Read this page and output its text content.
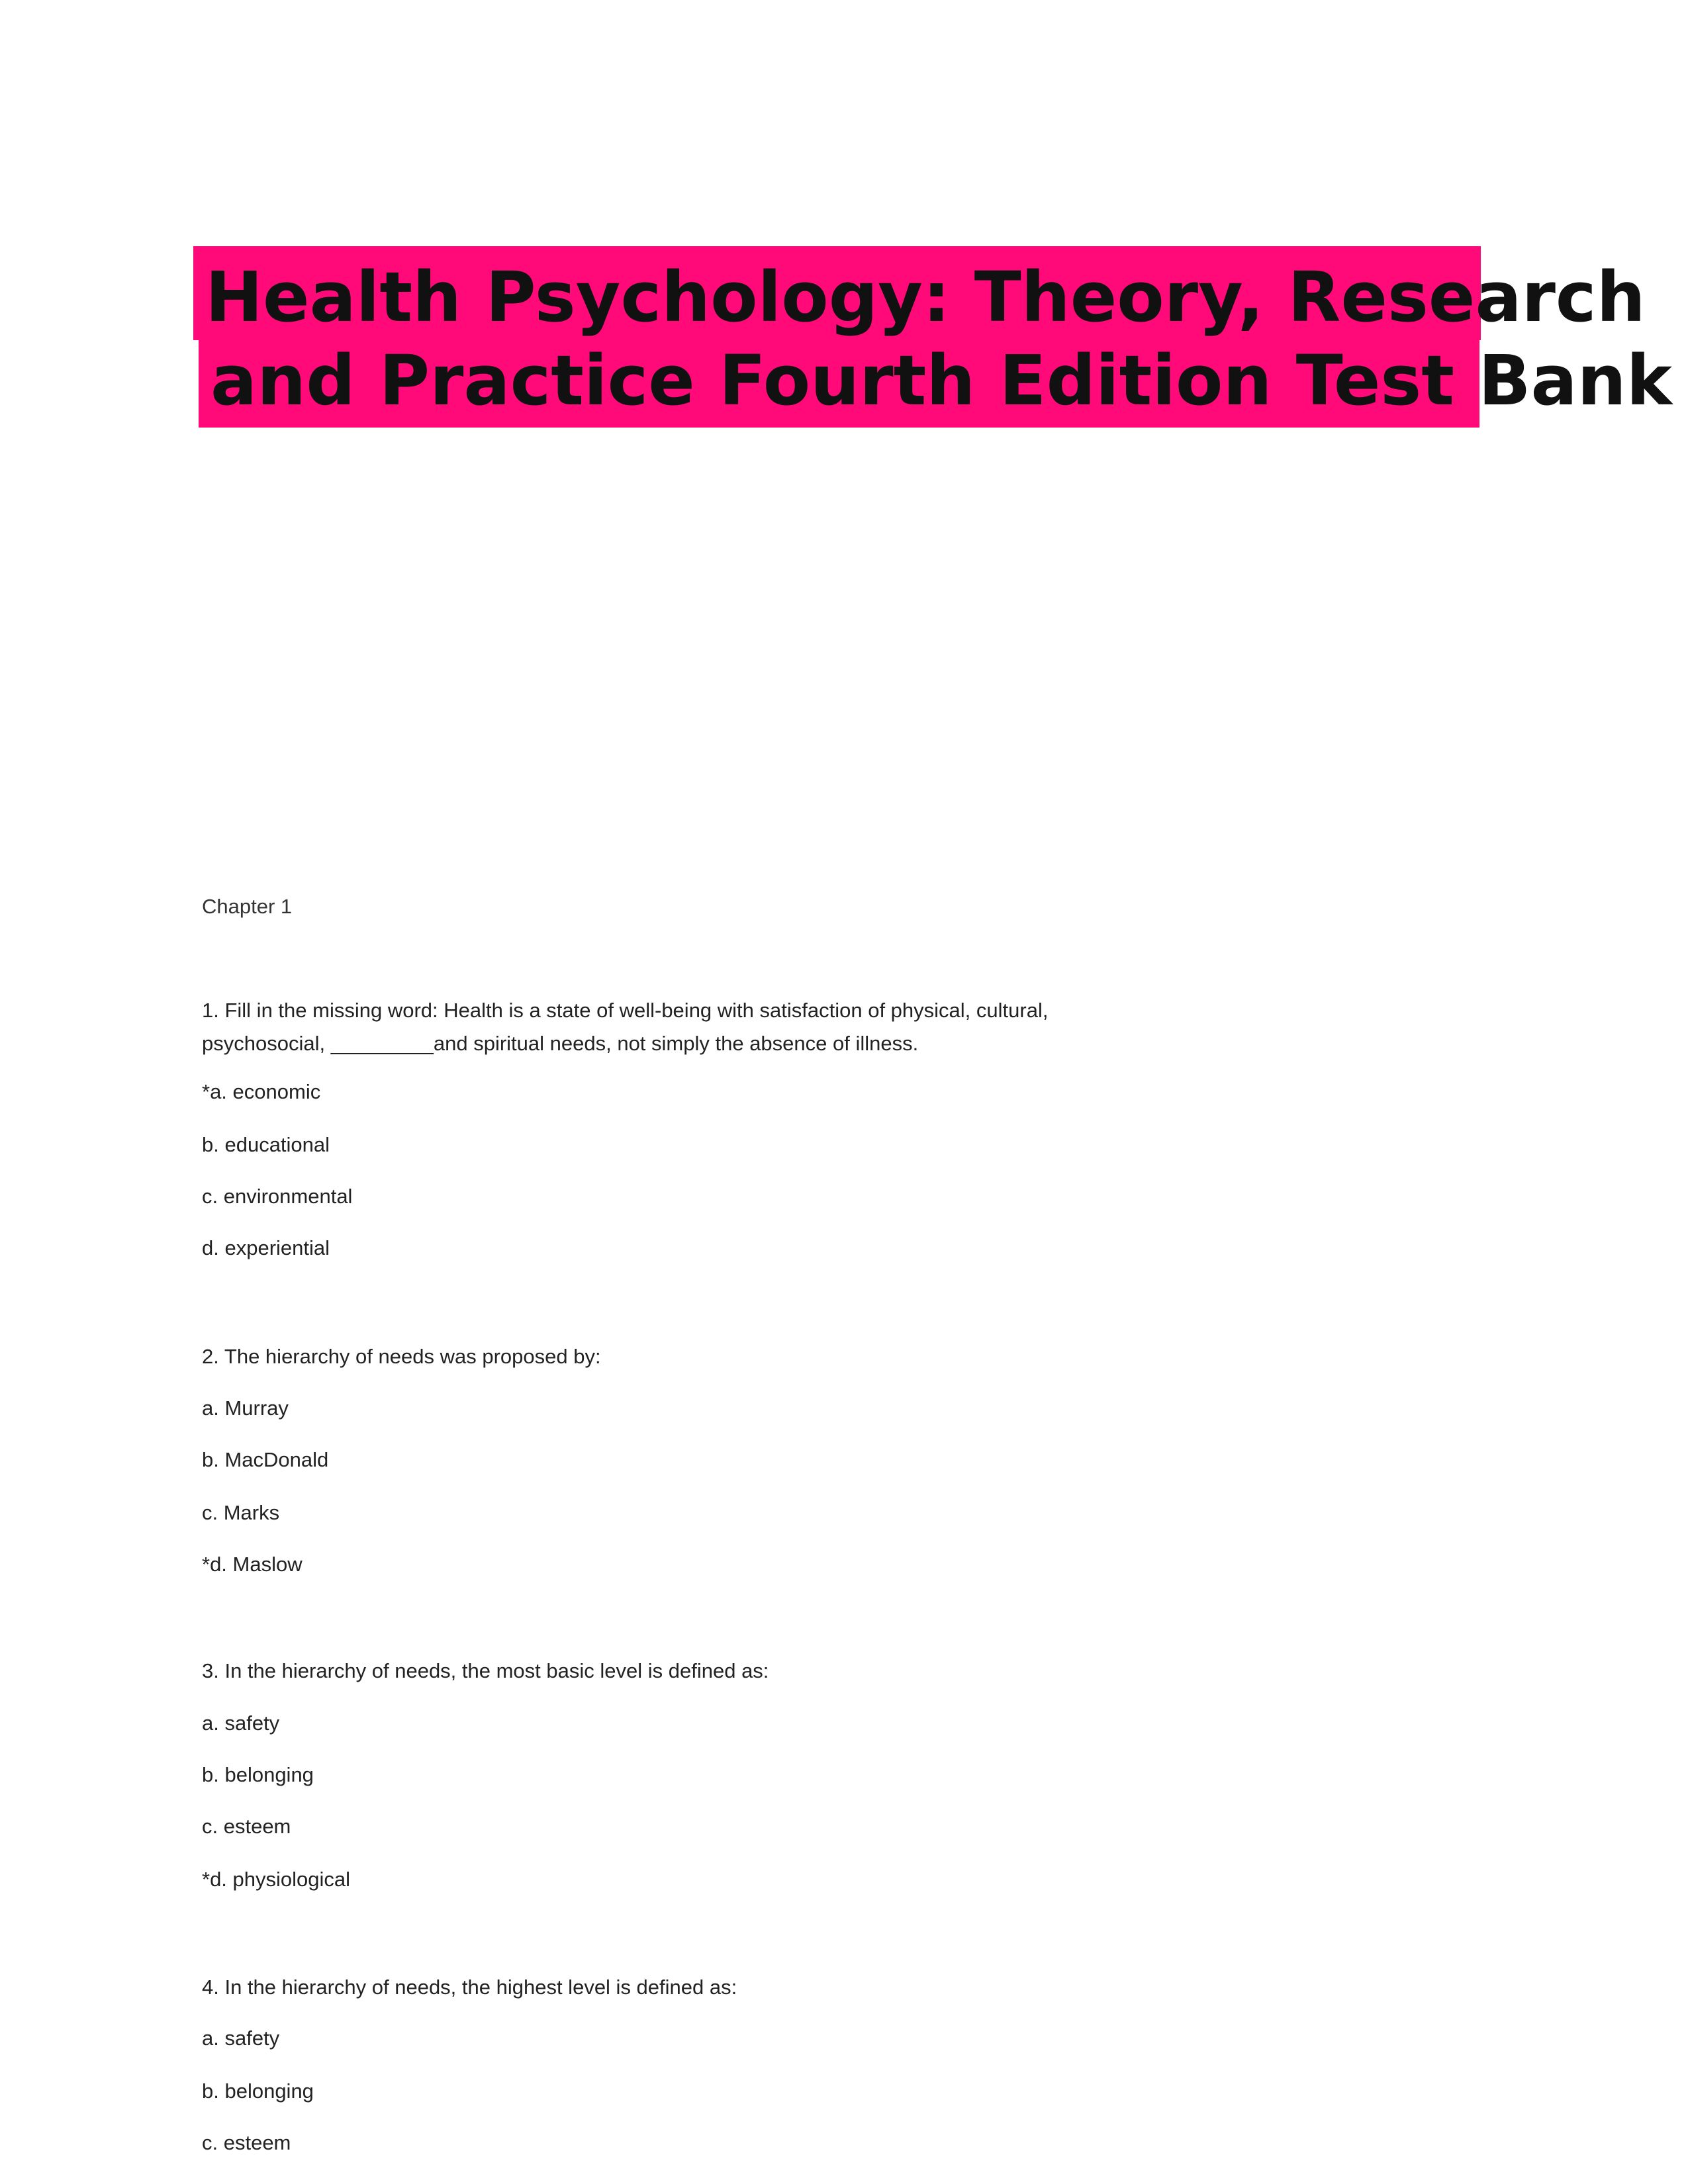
Health Psychology: Theory, Research
and Practice Fourth Edition Test Bank
Chapter 1
1. Fill in the missing word: Health is a state of well-being with satisfaction of physical, cultural,
psychosocial, _________and spiritual needs, not simply the absence of illness.
*a. economic
b. educational
c. environmental
d. experiential
2. The hierarchy of needs was proposed by:
a. Murray
b. MacDonald
c. Marks
*d. Maslow
3. In the hierarchy of needs, the most basic level is defined as:
a. safety
b. belonging
c. esteem
*d. physiological
4. In the hierarchy of needs, the highest level is defined as:
a. safety
b. belonging
c. esteem
